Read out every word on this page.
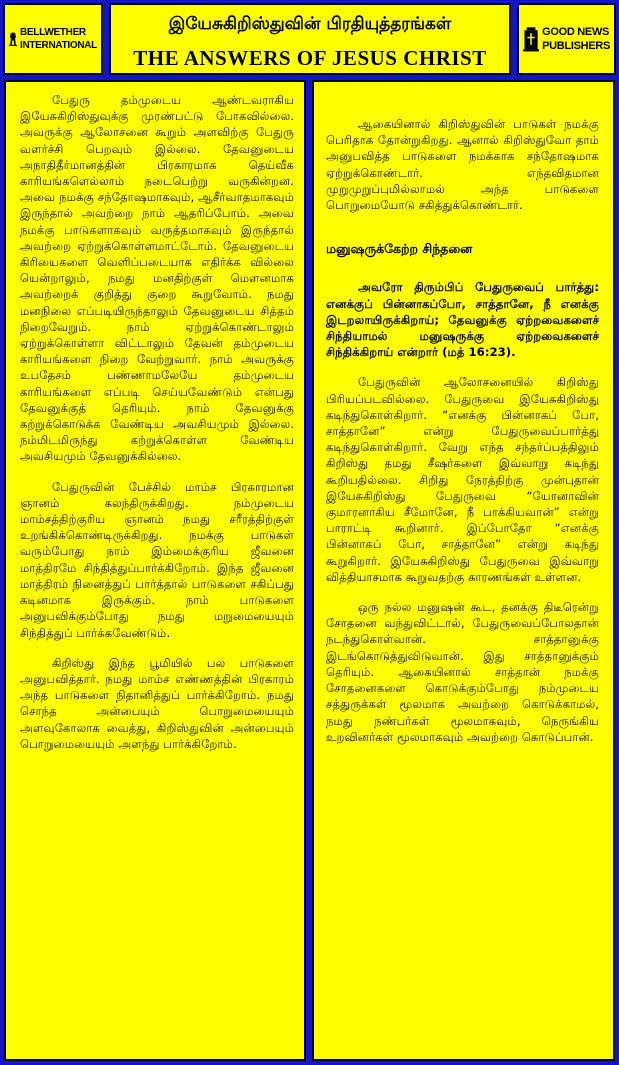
BELLWETHER
INTERNATIONAL
இயேசுகிறிஸ்துவின் பிரதியுத்தரங்கள்
THE ANSWERS OF JESUS CHRIST
GOOD NEWS
PUBLISHERS

பேதுரு தம்முடைய ஆண்டவராகிய இயேசுகிறிஸ்துவுக்கு முரண்பட்டு போகவில்லை. அவருக்கு ஆலோசனை கூறும் அளவிற்கு பேதுரு வளர்ச்சி பெறவும் இல்லை. தேவனுடைய அநாதிதீர்மானத்தின் பிரகாரமாக தெய்வீக காரியங்களெல்லாம் நடைபெற்று வருகின்றன. அவை நமக்கு சந்தோஷமாகவும், ஆசீர்வாதமாகவும் இருந்தால் அவற்றை நாம் ஆதரிப்போம். அவை நமக்கு பாடுகளாகவும் வருத்தமாகவும் இருந்தால் அவற்றை ஏற்றுக்கொள்ளமாட்டோம். தேவனுடைய கிரியைகளை வெளிப்படையாக எதிர்க்க வில்லை யென்றாலும், நமது மனதிற்குள் மௌனமாக அவற்றைக் குறித்து குறை கூறுவோம். நமது மனநிலை எப்படியிருந்தாலும் தேவனுடைய சித்தம் நிறைவேறும். நாம் ஏற்றுக்கொண்டாலும் ஏற்றுக்கொள்ளா விட்டாலும் தேவன் தம்முடைய காரியங்களை நிறை வேற்றுவார். நாம் அவருக்கு உபதேசம் பண்ணாமலேயே தம்முடைய காரியங்களை எப்படி செய்யவேண்டும் என்பது தேவனுக்குத் தெரியும். நாம் தேவனுக்கு கற்றுக்கொடுக்க வேண்டிய அவசியமும் இல்லை. நம்மிடமிருந்து கற்றுக்கொள்ள வேண்டிய அவசியமும் தேவனுக்கில்லை.

பேதுருவின் பேச்சில் மாம்ச பிரகாரமான ஞானம் கலந்திருக்கிறது. நம்முடைய மாம்சத்திற்குரிய ஞானம் நமது சரீரத்திற்குள் உறங்கிக்கொண்டிருக்கிறது. நமக்கு பாடுகள் வரும்போது நாம் இம்மைக்குரிய ஜீவனை மாத்திரமே சிந்தித்துப்பார்க்கிறோம். இந்த ஜீவனை மாத்திரம் நினைத்துப் பார்த்தால் பாடுகளை சகிப்பது கடினமாக இருக்கும். நாம் பாடுகளை அனுபவிக்கும்போது நமது மறுமையையும் சிந்தித்துப் பார்க்கவேண்டும்.

கிறிஸ்து இந்த பூமியில் பல பாடுகளை அனுபவித்தார். நமது மாம்ச எண்ணத்தின் பிரகாரம் அந்த பாடுகளை நிதானித்துப் பார்க்கிறோம். நமது சொந்த அன்பையும் பொறுமையையும் அளவுகோலாக வைத்து, கிறிஸ்துவின் அன்பையும் பொறுமையையும் அளந்து பார்க்கிறோம்.

ஆகையினால் கிறிஸ்துவின் பாடுகள் நமக்கு பெரிதாக தோன்றுகிறது. ஆனால் கிறிஸ்துவோ தாம் அனுபவித்த பாடுகளை நமக்காக சந்தோஷமாக ஏற்றுக்கொண்டார். எந்தவிதமான முறுமுறுப்புமில்லாமல் அந்த பாடுகளை பொறுமையோடு சகித்துக்கொண்டார்.

மனுஷருக்கேற்ற சிந்தனை

அவரோ திரும்பிப் பேதுருவைப் பார்த்து: எனக்குப் பின்னாகப்போ, சாத்தானே, நீ எனக்கு இடறலாயிருக்கிறாய்; தேவனுக்கு ஏற்றவைகளைச் சிந்தியாமல் மனுஷருக்கு ஏற்றவைகளைச் சிந்திக்கிறாய் என்றார் (மத் 16:23).

பேதுருவின் ஆலோசனையில் கிறிஸ்து பிரியப்படவில்லை. பேதுருவை இயேசுகிறிஸ்து கடிந்துகொள்கிறார். “எனக்கு பின்னாகப் போ, சாத்தானே” என்று பேதுருவைப்பார்த்து கடிந்துகொள்கிறார். வேறு எந்த சந்தர்ப்பத்திலும் கிறிஸ்து தமது சீஷர்களை இவ்வாறு கடிந்து கூறியதில்லை. சிறிது நேரத்திற்கு முன்புதான் இயேசுகிறிஸ்து பேதுருவை “யோனாவின் குமாரனாகிய சீமோனே, நீ பாக்கியவான்” என்று பாராட்டி கூறினார். இப்போதோ “எனக்கு பின்னாகப் போ, சாத்தானே” என்று கடிந்து கூறுகிறார். இயேசுகிறிஸ்து பேதுருவை இவ்வாறு வித்தியாசமாக கூறுவதற்கு காரணங்கள் உள்ளன.

ஒரு நல்ல மனுஷன் கூட, தனக்கு திடீரென்று சோதனை வந்துவிட்டால், பேதுருவைப்போலதான் நடந்துகொள்வான். சாத்தானுக்கு இடங்கொடுத்துவிடுவான். இது சாத்தானுக்கும் தெரியும். ஆகையினால் சாத்தான் நமக்கு சோதனைகளை கொடுக்கும்போது நம்முடைய சத்துருக்கள் மூலமாக அவற்றை கொடுக்காமல், நமது நண்பர்கள் மூலமாகவும், நெருங்கிய உறவினர்கள் மூலமாகவும் அவற்றை கொடுப்பான்.
